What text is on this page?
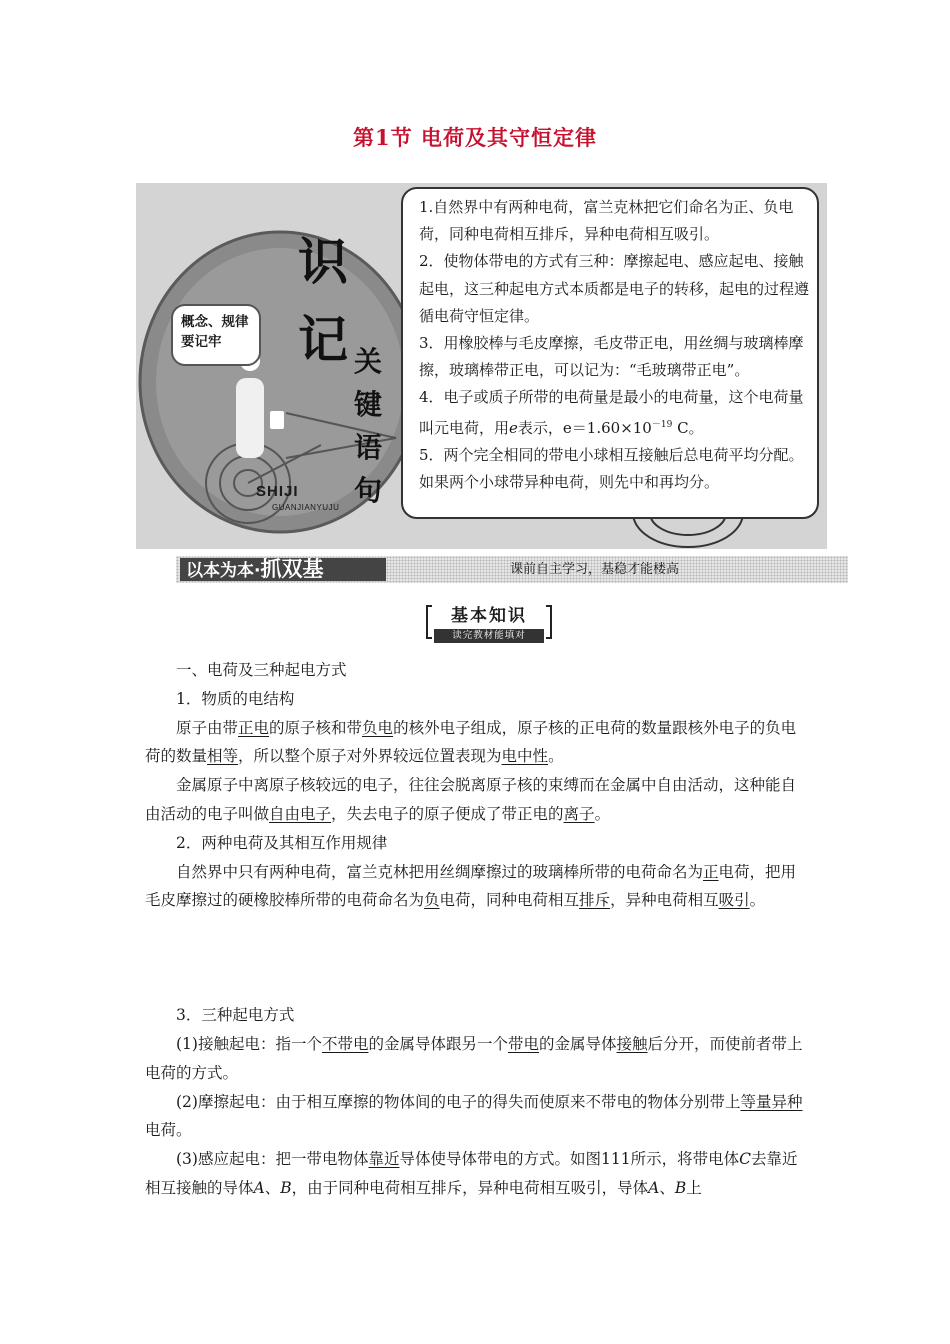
第1节 电荷及其守恒定律
概念、规律
要记牢
识
记 关
键
语
句
SHIJI
GUANJIANYUJU

1.自然界中有两种电荷，富兰克林把它们命名为正、负电荷，同种电荷相互排斥，异种电荷相互吸引。

2．使物体带电的方式有三种：摩擦起电、感应起电、接触起电，这三种起电方式本质都是电子的转移，起电的过程遵循电荷守恒定律。

3．用橡胶棒与毛皮摩擦，毛皮带正电，用丝绸与玻璃棒摩擦，玻璃棒带正电，可以记为：“毛玻璃带正电”。

4．电子或质子所带的电荷量是最小的电荷量，这个电荷量叫元电荷，用e表示，$e=1.60\times 10^{-19}$ C。

5．两个完全相同的带电小球相互接触后总电荷平均分配。如果两个小球带异种电荷，则先中和再均分。

以本为本·抓双基	课前自主学习，基稳才能楼高
基本知识
读完教材能填对

一、电荷及三种起电方式

1．物质的电结构

原子由带正电的原子核和带负电的核外电子组成，原子核的正电荷的数量跟核外电子的负电荷的数量相等，所以整个原子对外界较远位置表现为电中性。

金属原子中离原子核较远的电子，往往会脱离原子核的束缚而在金属中自由活动，这种能自由活动的电子叫做自由电子，失去电子的原子便成了带正电的离子。

2．两种电荷及其相互作用规律

自然界中只有两种电荷，富兰克林把用丝绸摩擦过的玻璃棒所带的电荷命名为正电荷，把用毛皮摩擦过的硬橡胶棒所带的电荷命名为负电荷，同种电荷相互排斥，异种电荷相互吸引。

3．三种起电方式

(1)接触起电：指一个不带电的金属导体跟另一个带电的金属导体接触后分开，而使前者带上电荷的方式。

(2)摩擦起电：由于相互摩擦的物体间的电子的得失而使原来不带电的物体分别带上等量异种电荷。

(3)感应起电：把一带电物体靠近导体使导体带电的方式。如图111所示，将带电体C去靠近相互接触的导体A、B，由于同种电荷相互排斥，异种电荷相互吸引，导体A、B上
